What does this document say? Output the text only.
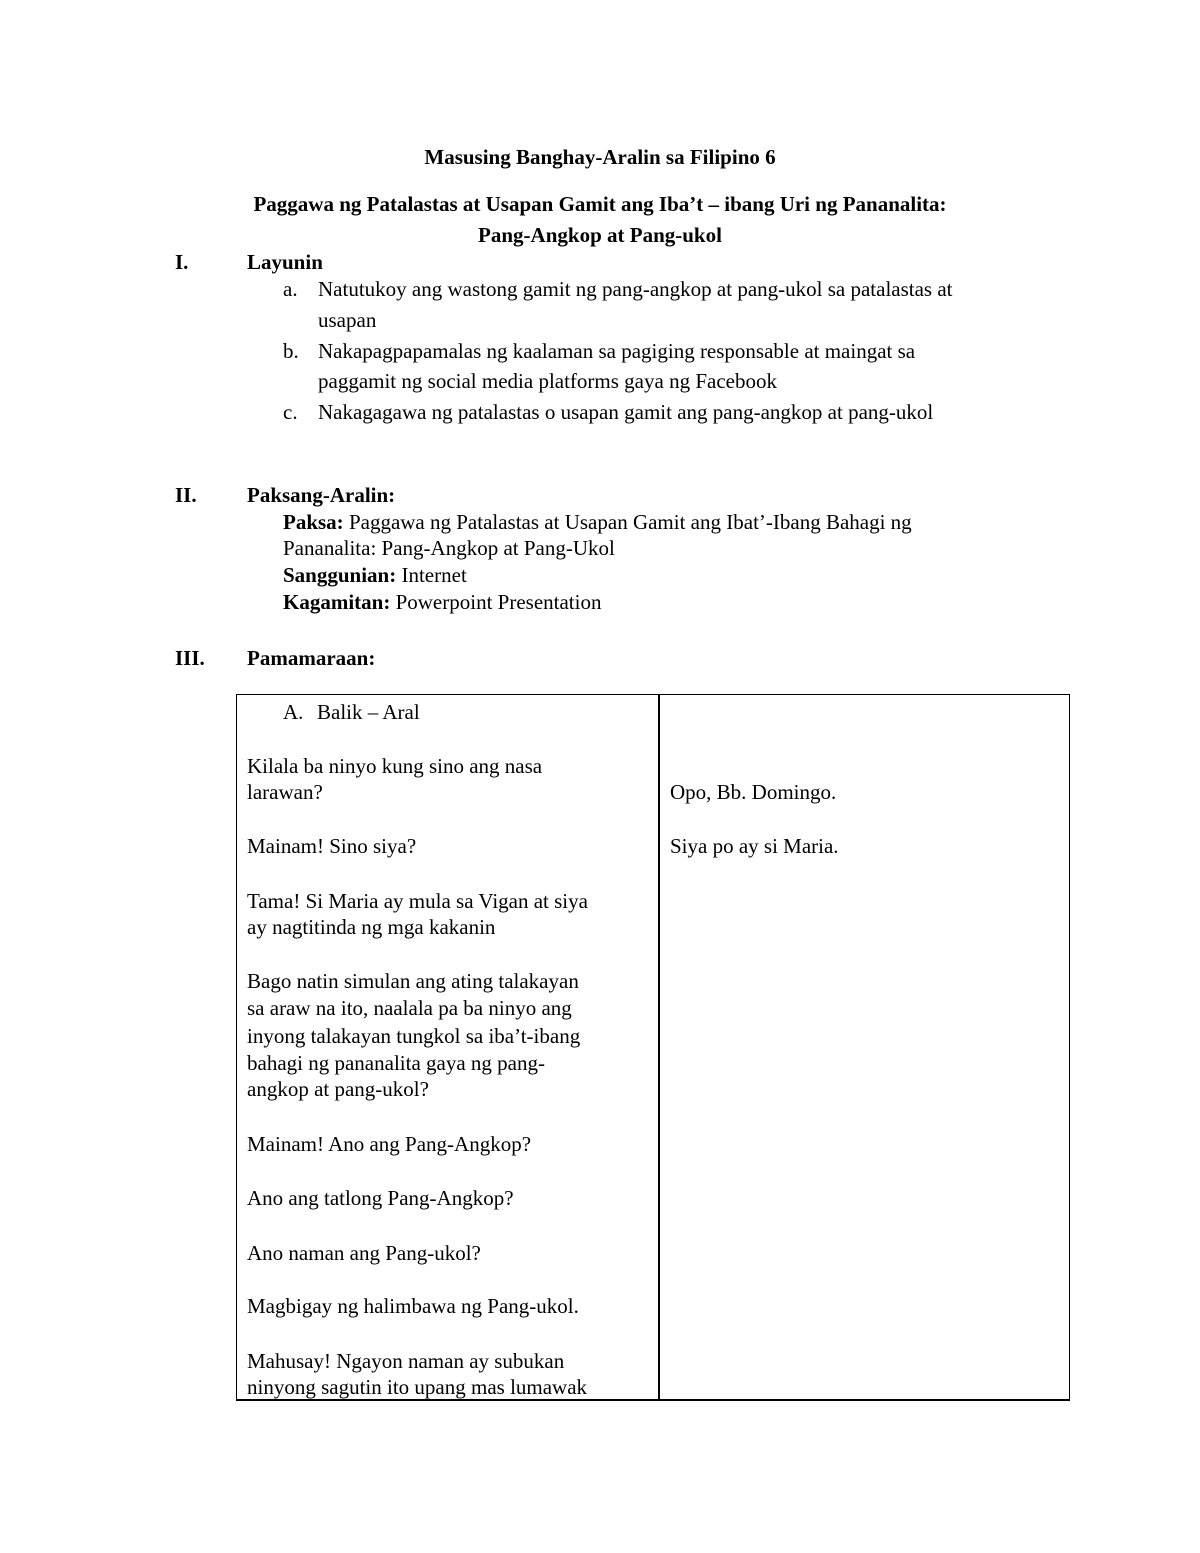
Masusing Banghay-Aralin sa Filipino 6
Paggawa ng Patalastas at Usapan Gamit ang Iba’t – ibang Uri ng Pananalita:
Pang-Angkop at Pang-ukol
I.	Layunin
a. Natutukoy ang wastong gamit ng pang-angkop at pang-ukol sa patalastas at
usapan
b. Nakapagpapamalas ng kaalaman sa pagiging responsable at maingat sa
paggamit ng social media platforms gaya ng Facebook
c. Nakagagawa ng patalastas o usapan gamit ang pang-angkop at pang-ukol
II. Paksang-Aralin:
Paksa: Paggawa ng Patalastas at Usapan Gamit ang Ibat’-Ibang Bahagi ng
Pananalita: Pang-Angkop at Pang-Ukol
Sanggunian: Internet
Kagamitan: Powerpoint Presentation
III. Pamamaraan:
A. Balik – Aral
Kilala ba ninyo kung sino ang nasa
larawan?
Mainam! Sino siya?
Tama! Si Maria ay mula sa Vigan at siya
ay nagtitinda ng mga kakanin
Bago natin simulan ang ating talakayan
sa araw na ito, naalala pa ba ninyo ang
inyong talakayan tungkol sa iba’t-ibang
bahagi ng pananalita gaya ng pang-
angkop at pang-ukol?
Mainam! Ano ang Pang-Angkop?
Ano ang tatlong Pang-Angkop?
Ano naman ang Pang-ukol?
Magbigay ng halimbawa ng Pang-ukol.
Mahusay! Ngayon naman ay subukan
ninyong sagutin ito upang mas lumawak
Opo, Bb. Domingo.
Siya po ay si Maria.
